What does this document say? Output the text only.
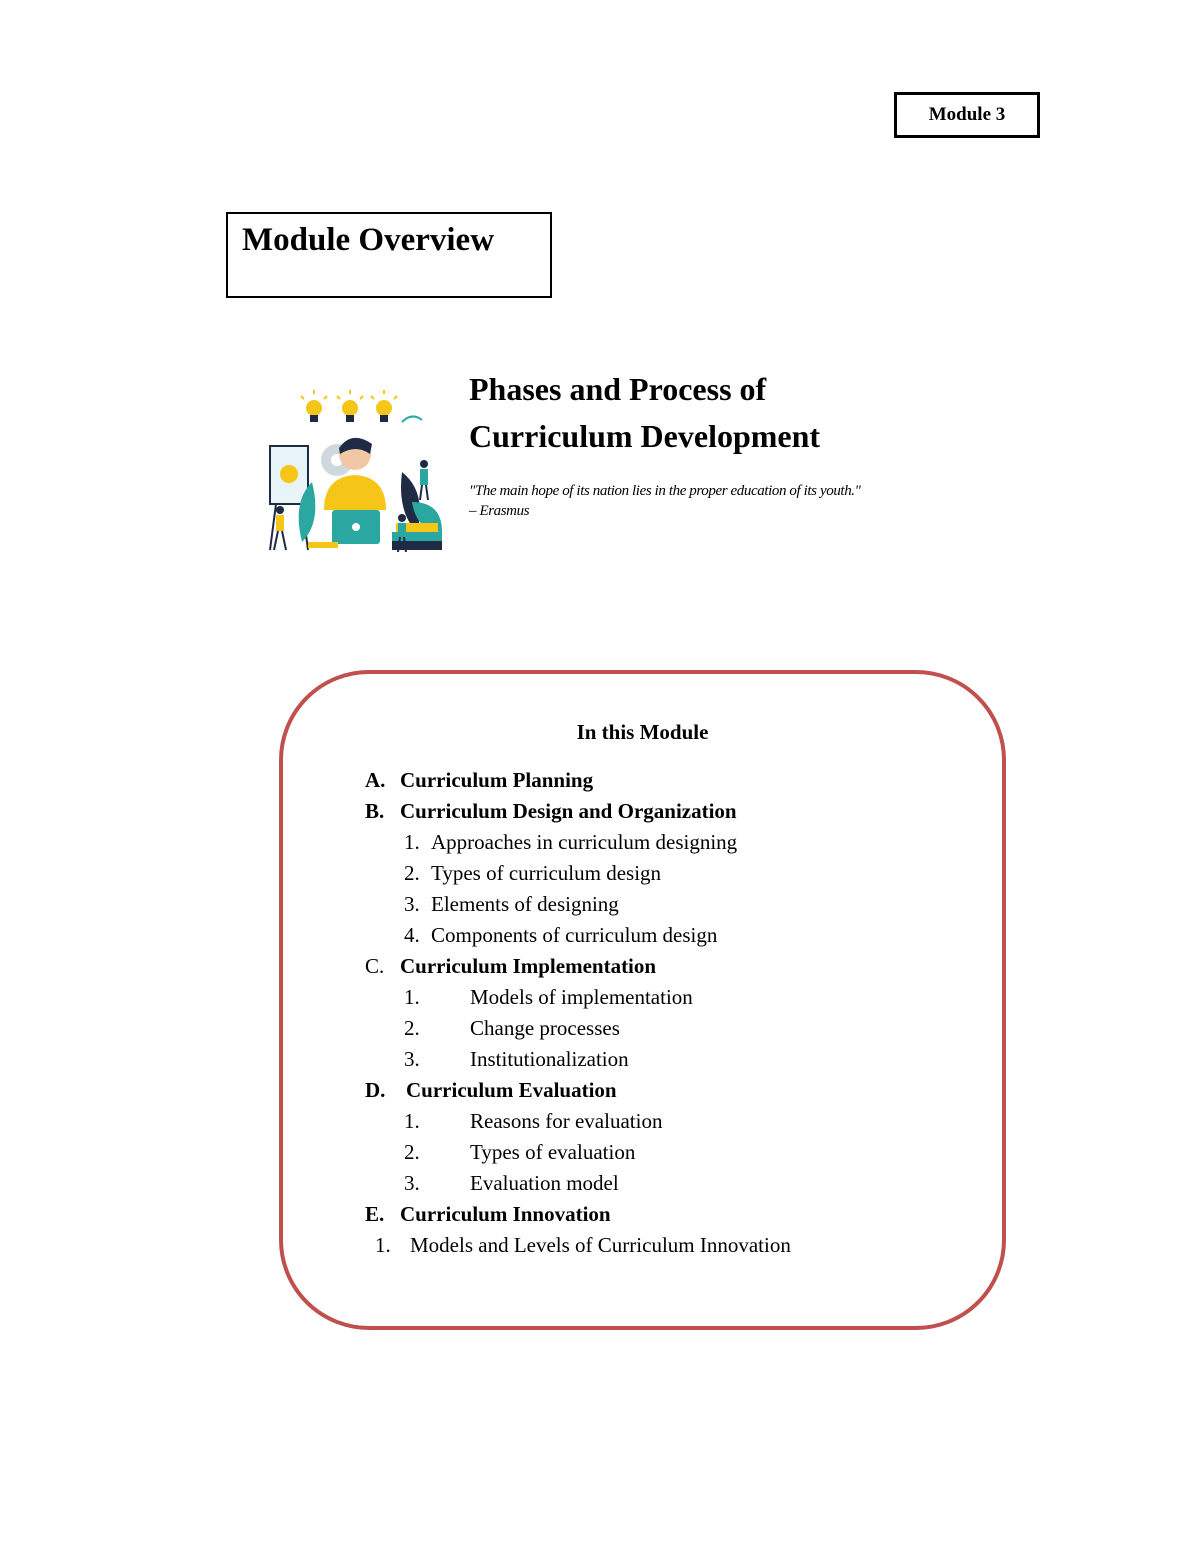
Module 3
Module Overview
Phases and Process of
Curriculum Development
"The main hope of its nation lies in the proper education of its youth."
– Erasmus
In this Module
A. Curriculum Planning
B. Curriculum Design and Organization
1. Approaches in curriculum designing
2. Types of curriculum design
3. Elements of designing
4. Components of curriculum design
C. Curriculum Implementation
1. Models of implementation
2. Change processes
3. Institutionalization
D. Curriculum Evaluation
1. Reasons for evaluation
2. Types of evaluation
3. Evaluation model
E. Curriculum Innovation
1. Models and Levels of Curriculum Innovation
